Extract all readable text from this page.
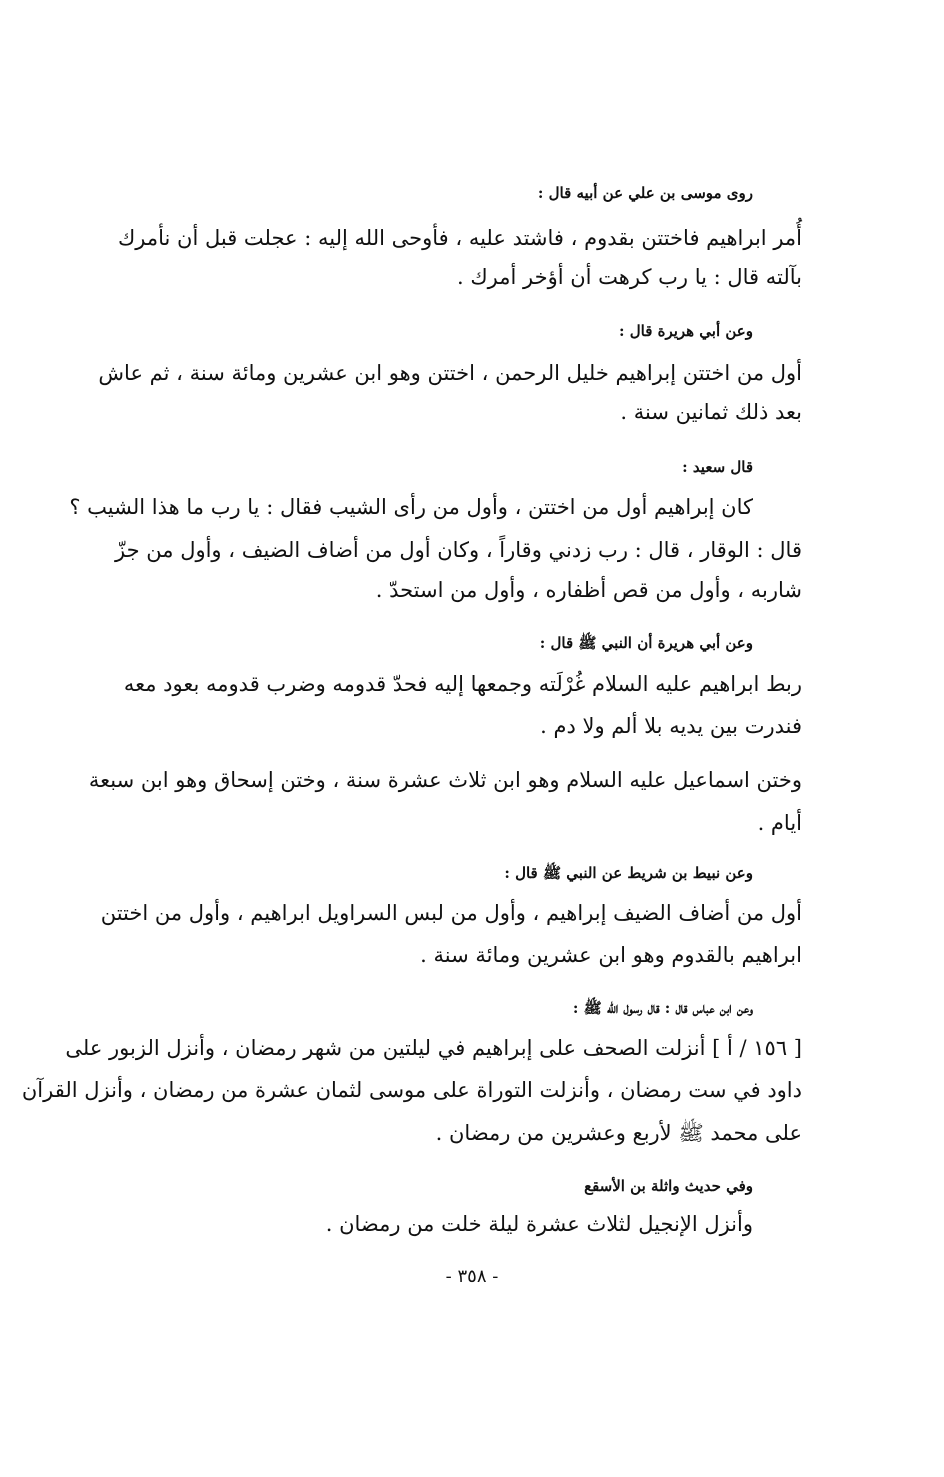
روى موسى بن علي عن أبيه قال :
أُمر ابراهيم فاختتن بقدوم ، فاشتد عليه ، فأوحى الله إليه : عجلت قبل أن نأمرك
بآلته قال : يا رب كرهت أن أؤخر أمرك .
وعن أبي هريرة قال :
أول من اختتن إبراهيم خليل الرحمن ، اختتن وهو ابن عشرين ومائة سنة ، ثم عاش
بعد ذلك ثمانين سنة .
قال سعيد :
كان إبراهيم أول من اختتن ، وأول من رأى الشيب فقال : يا رب ما هذا الشيب ؟
قال : الوقار ، قال : رب زدني وقاراً ، وكان أول من أضاف الضيف ، وأول من جزّ
شاربه ، وأول من قص أظفاره ، وأول من استحدّ .
وعن أبي هريرة أن النبي ﷺ قال :
ربط ابراهيم عليه السلام غُرْلَته وجمعها إليه فحدّ قدومه وضرب قدومه بعود معه
فندرت بين يديه بلا ألم ولا دم .
وختن اسماعيل عليه السلام وهو ابن ثلاث عشرة سنة ، وختن إسحاق وهو ابن سبعة
أيام .
وعن نبيط بن شريط عن النبي ﷺ قال :
أول من أضاف الضيف إبراهيم ، وأول من لبس السراويل ابراهيم ، وأول من اختتن
ابراهيم بالقدوم وهو ابن عشرين ومائة سنة .
وعن ابن عباس قال : قال رسول الله ﷺ :
[ ١٥٦ / أ ] أنزلت الصحف على إبراهيم في ليلتين من شهر رمضان ، وأنزل الزبور على
داود في ست رمضان ، وأنزلت التوراة على موسى لثمان عشرة من رمضان ، وأنزل القرآن
على محمد ﷺ لأربع وعشرين من رمضان .
وفي حديث واثلة بن الأسقع
وأنزل الإنجيل لثلاث عشرة ليلة خلت من رمضان .
- ٣٥٨ -
